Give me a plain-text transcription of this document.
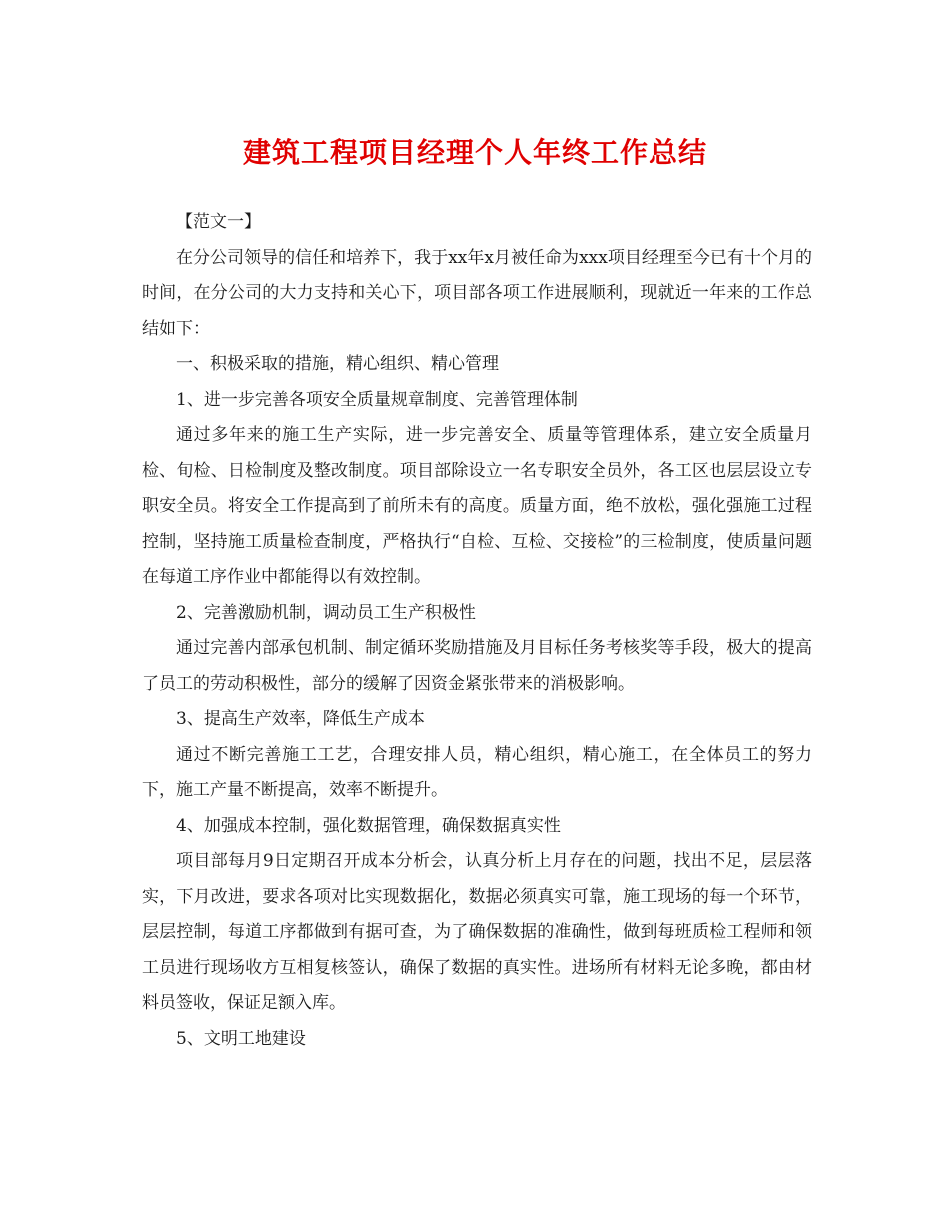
建筑工程项目经理个人年终工作总结

【范文一】

在分公司领导的信任和培养下，我于xx年x月被任命为xxx项目经理至今已有十个月的时间，在分公司的大力支持和关心下，项目部各项工作进展顺利，现就近一年来的工作总结如下：

一、积极采取的措施，精心组织、精心管理

1、进一步完善各项安全质量规章制度、完善管理体制

通过多年来的施工生产实际，进一步完善安全、质量等管理体系，建立安全质量月检、旬检、日检制度及整改制度。项目部除设立一名专职安全员外，各工区也层层设立专职安全员。将安全工作提高到了前所未有的高度。质量方面，绝不放松，强化强施工过程控制，坚持施工质量检查制度，严格执行“自检、互检、交接检”的三检制度，使质量问题在每道工序作业中都能得以有效控制。

2、完善激励机制，调动员工生产积极性

通过完善内部承包机制、制定循环奖励措施及月目标任务考核奖等手段，极大的提高了员工的劳动积极性，部分的缓解了因资金紧张带来的消极影响。

3、提高生产效率，降低生产成本

通过不断完善施工工艺，合理安排人员，精心组织，精心施工，在全体员工的努力下，施工产量不断提高，效率不断提升。

4、加强成本控制，强化数据管理，确保数据真实性

项目部每月9日定期召开成本分析会，认真分析上月存在的问题，找出不足，层层落实，下月改进，要求各项对比实现数据化，数据必须真实可靠，施工现场的每一个环节，层层控制，每道工序都做到有据可查，为了确保数据的准确性，做到每班质检工程师和领工员进行现场收方互相复核签认，确保了数据的真实性。进场所有材料无论多晚，都由材料员签收，保证足额入库。

5、文明工地建设
